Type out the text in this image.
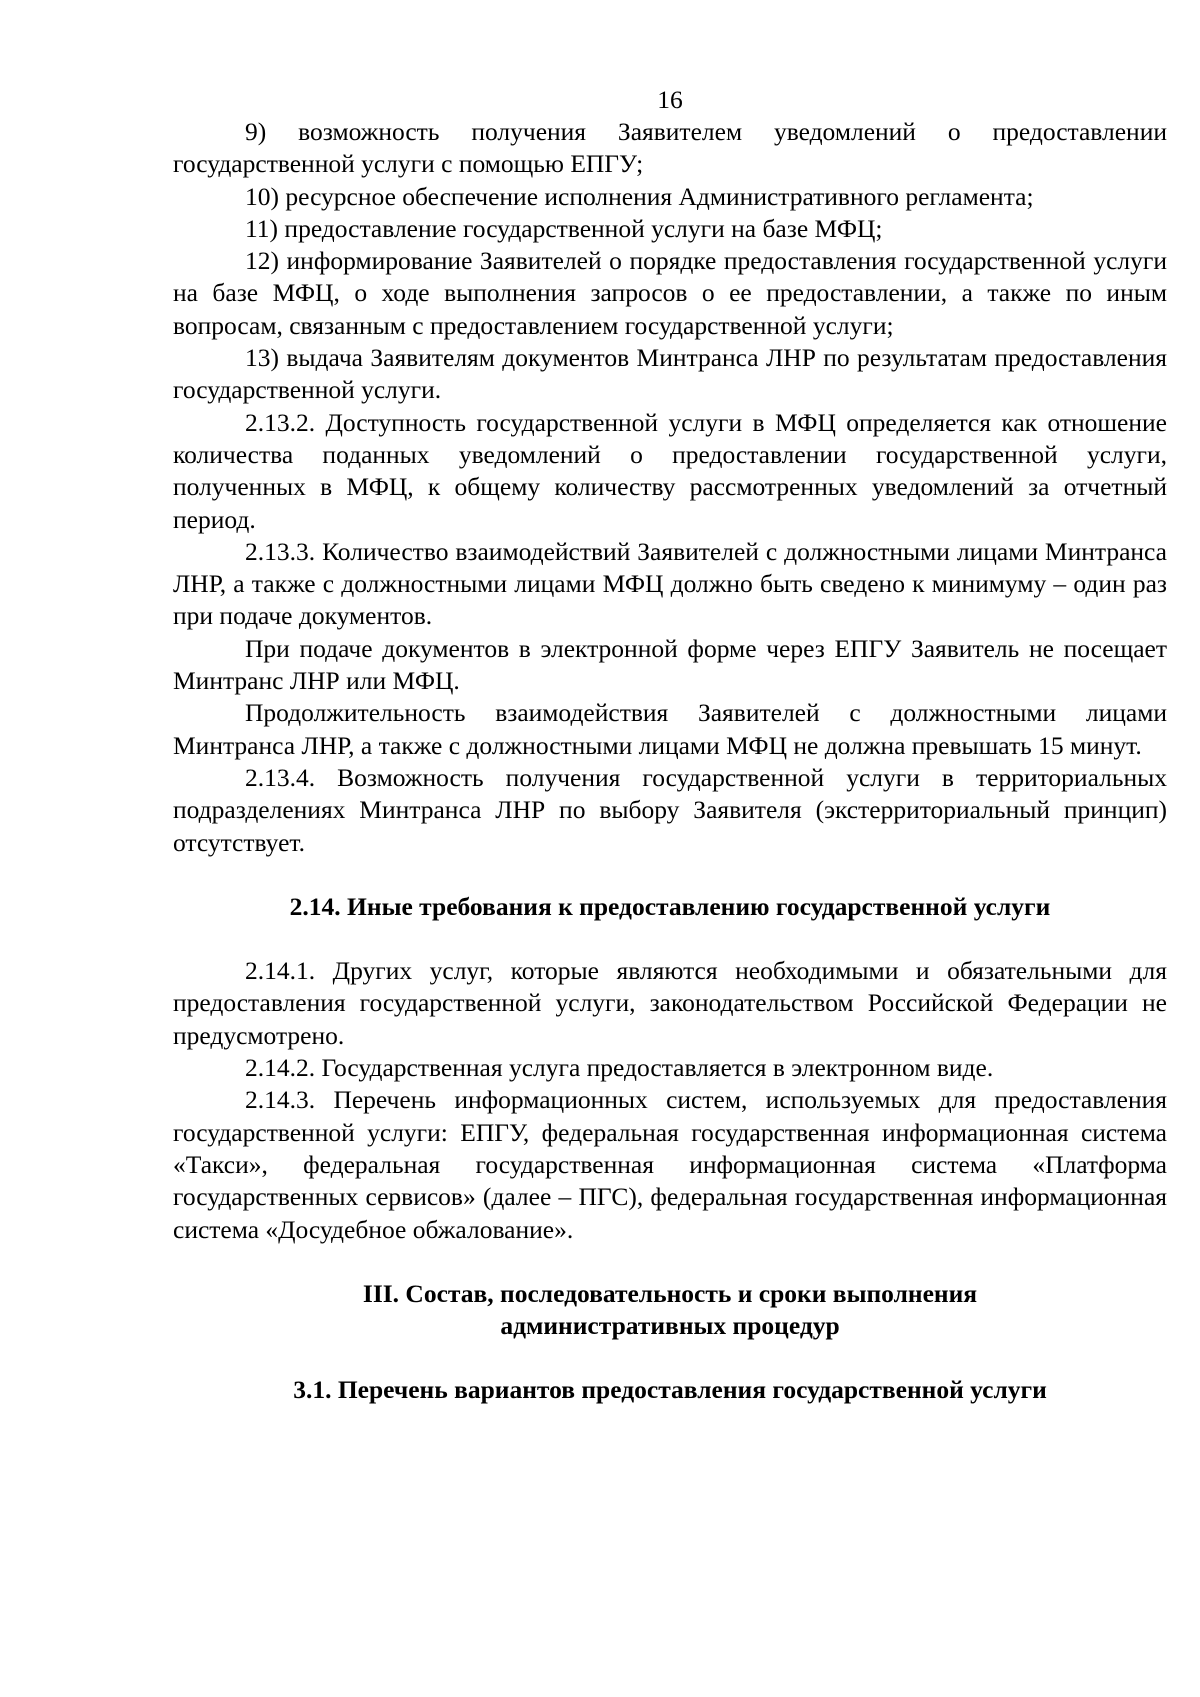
16

9) возможность получения Заявителем уведомлений о предоставлении государственной услуги с помощью ЕПГУ;

10) ресурсное обеспечение исполнения Административного регламента;

11) предоставление государственной услуги на базе МФЦ;

12) информирование Заявителей о порядке предоставления государственной услуги на базе МФЦ, о ходе выполнения запросов о ее предоставлении, а также по иным вопросам, связанным с предоставлением государственной услуги;

13) выдача Заявителям документов Минтранса ЛНР по результатам предоставления государственной услуги.

2.13.2. Доступность государственной услуги в МФЦ определяется как отношение количества поданных уведомлений о предоставлении государственной услуги, полученных в МФЦ, к общему количеству рассмотренных уведомлений за отчетный период.

2.13.3. Количество взаимодействий Заявителей с должностными лицами Минтранса ЛНР, а также с должностными лицами МФЦ должно быть сведено к минимуму – один раз при подаче документов.

При подаче документов в электронной форме через ЕПГУ Заявитель не посещает Минтранс ЛНР или МФЦ.

Продолжительность взаимодействия Заявителей с должностными лицами Минтранса ЛНР, а также с должностными лицами МФЦ не должна превышать 15 минут.

2.13.4. Возможность получения государственной услуги в территориальных подразделениях Минтранса ЛНР по выбору Заявителя (экстерриториальный принцип) отсутствует.

2.14. Иные требования к предоставлению государственной услуги

2.14.1. Других услуг, которые являются необходимыми и обязательными для предоставления государственной услуги, законодательством Российской Федерации не предусмотрено.

2.14.2. Государственная услуга предоставляется в электронном виде.

2.14.3. Перечень информационных систем, используемых для предоставления государственной услуги: ЕПГУ, федеральная государственная информационная система «Такси», федеральная государственная информационная система «Платформа государственных сервисов» (далее – ПГС), федеральная государственная информационная система «Досудебное обжалование».

III. Состав, последовательность и сроки выполнения
административных процедур
3.1. Перечень вариантов предоставления государственной услуги
